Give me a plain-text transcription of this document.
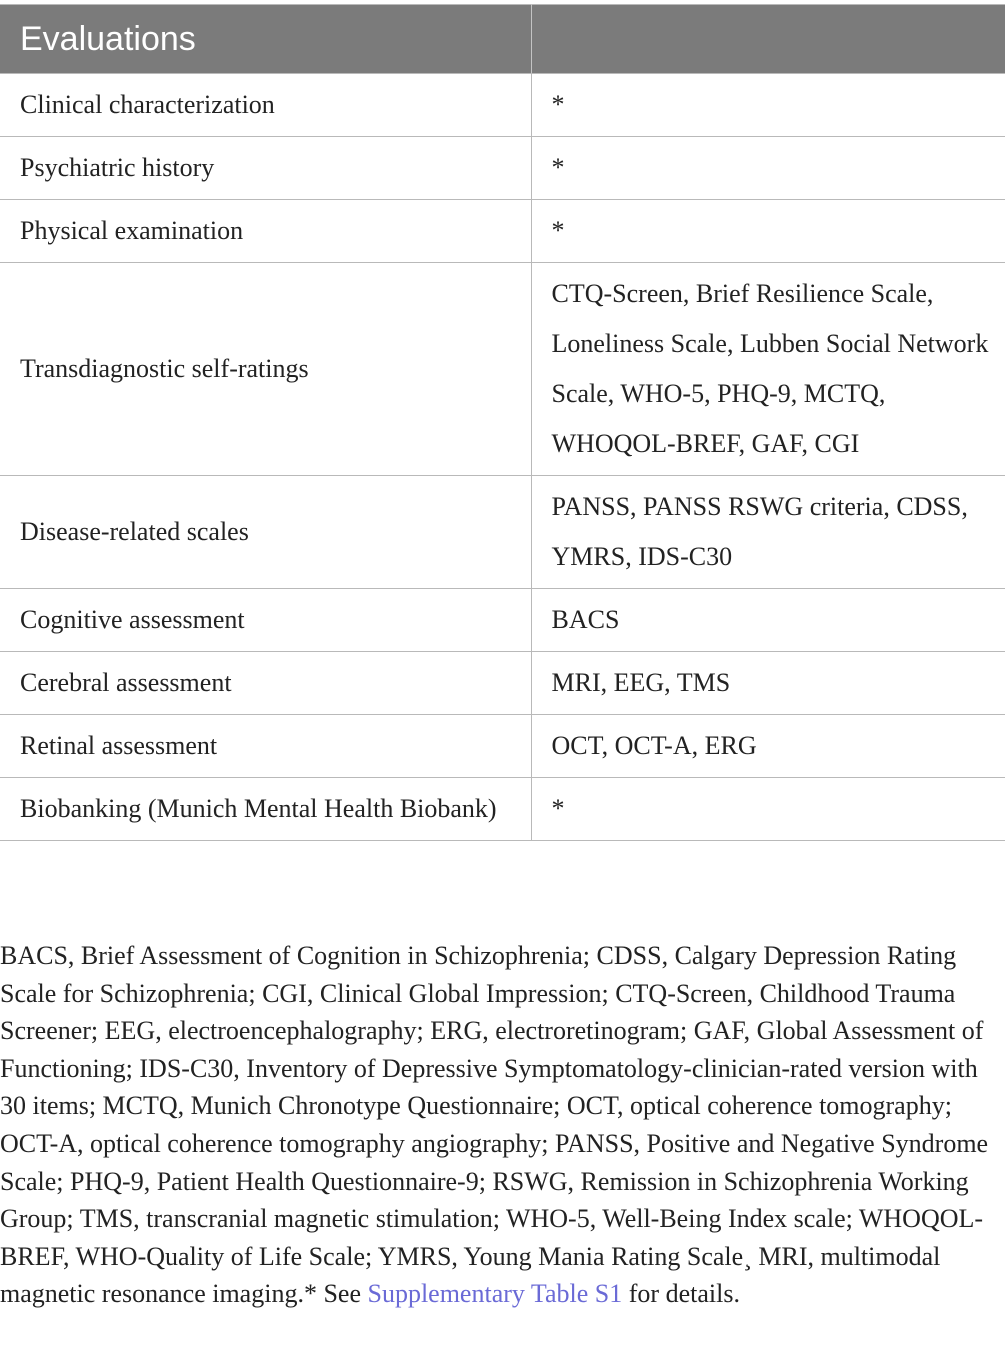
Evaluations	
Clinical characterization	*
Psychiatric history	*
Physical examination	*
Transdiagnostic self-ratings	CTQ-Screen, Brief Resilience Scale, Loneliness Scale, Lubben Social Network Scale, WHO-5, PHQ-9, MCTQ, WHOQOL-BREF, GAF, CGI
Disease-related scales	PANSS, PANSS RSWG criteria, CDSS, YMRS, IDS-C30
Cognitive assessment	BACS
Cerebral assessment	MRI, EEG, TMS
Retinal assessment	OCT, OCT-A, ERG
Biobanking (Munich Mental Health Biobank)	*

BACS, Brief Assessment of Cognition in Schizophrenia; CDSS, Calgary Depression Rating Scale for Schizophrenia; CGI, Clinical Global Impression; CTQ-Screen, Childhood Trauma Screener; EEG, electroencephalography; ERG, electroretinogram; GAF, Global Assessment of Functioning; IDS-C30, Inventory of Depressive Symptomatology-clinician-rated version with 30 items; MCTQ, Munich Chronotype Questionnaire; OCT, optical coherence tomography; OCT-A, optical coherence tomography angiography; PANSS, Positive and Negative Syndrome Scale; PHQ-9, Patient Health Questionnaire-9; RSWG, Remission in Schizophrenia Working Group; TMS, transcranial magnetic stimulation; WHO-5, Well-Being Index scale; WHOQOL-BREF, WHO-Quality of Life Scale; YMRS, Young Mania Rating Scale¸ MRI, multimodal magnetic resonance imaging.* See Supplementary Table S1 for details.
